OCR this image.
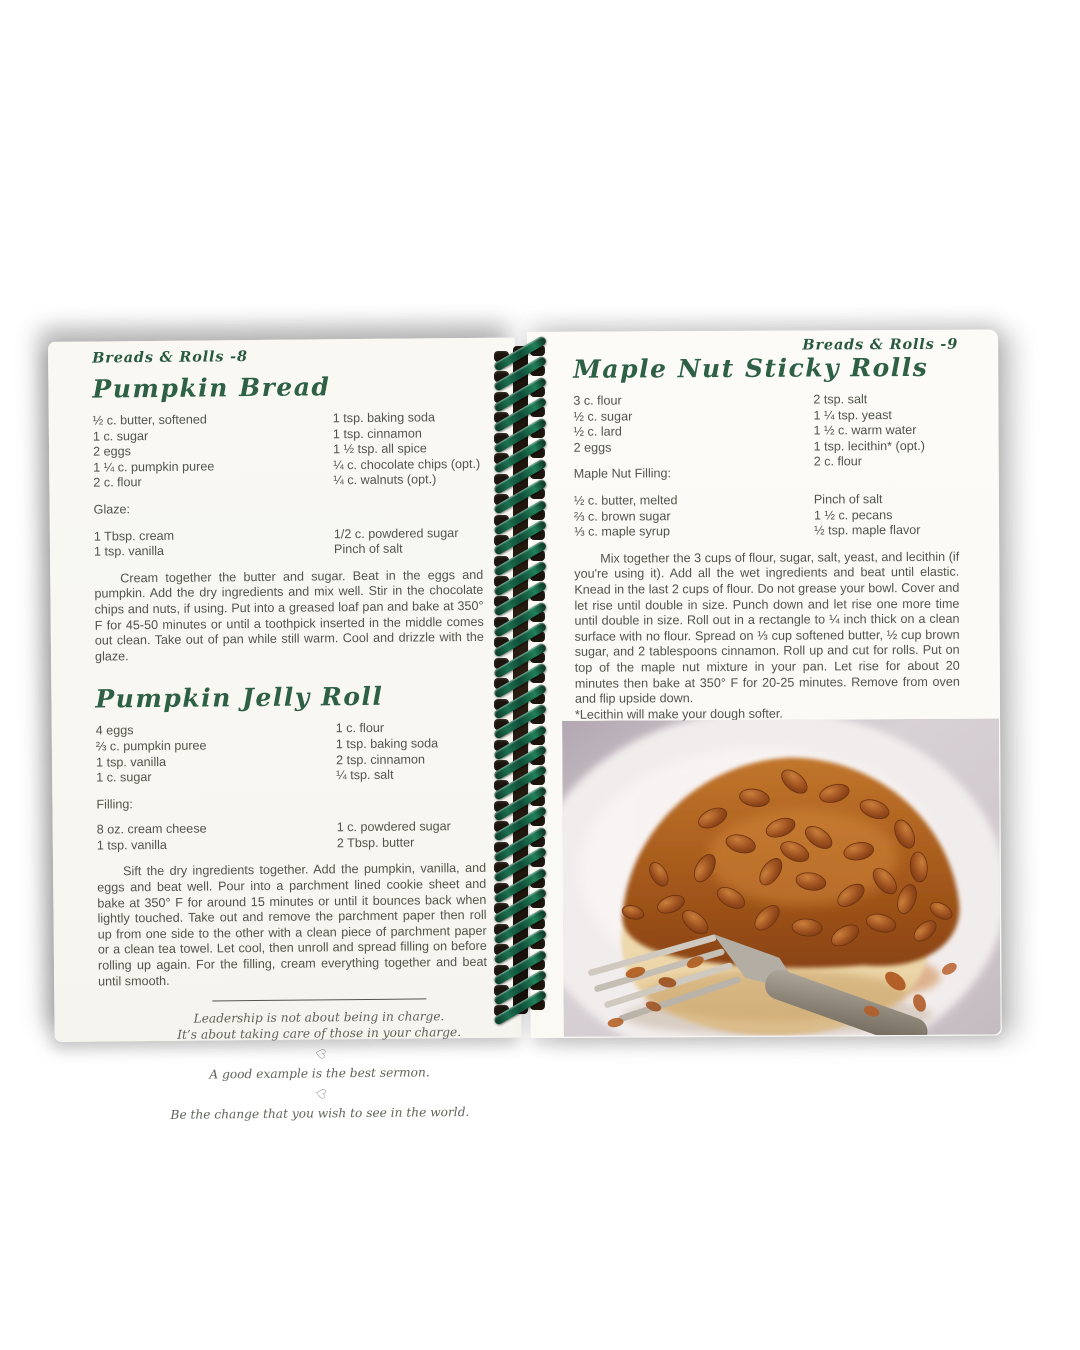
Breads & Rolls -8
Pumpkin Bread
½ c. butter, softened
1 c. sugar
2 eggs
1 ¼ c. pumpkin puree
2 c. flour
1 tsp. baking soda
1 tsp. cinnamon
1 ½ tsp. all spice
¼ c. chocolate chips (opt.)
¼ c. walnuts (opt.)
Glaze:
1 Tbsp. cream
1 tsp. vanilla
1/2 c. powdered sugar
Pinch of salt

Cream together the butter and sugar. Beat in the eggs and pumpkin. Add the dry ingredients and mix well. Stir in the chocolate chips and nuts, if using. Put into a greased loaf pan and bake at 350° F for 45-50 minutes or until a toothpick inserted in the middle comes out clean. Take out of pan while still warm. Cool and drizzle with the glaze.

Pumpkin Jelly Roll
4 eggs
⅔ c. pumpkin puree
1 tsp. vanilla
1 c. sugar
1 c. flour
1 tsp. baking soda
2 tsp. cinnamon
¼ tsp. salt
Filling:
8 oz. cream cheese
1 tsp. vanilla
1 c. powdered sugar
2 Tbsp. butter

Sift the dry ingredients together. Add the pumpkin, vanilla, and eggs and beat well. Pour into a parchment lined cookie sheet and bake at 350° F for around 15 minutes or until it bounces back when lightly touched. Take out and remove the parchment paper then roll up from one side to the other with a clean piece of parchment paper or a clean tea towel. Let cool, then unroll and spread filling on before rolling up again. For the filling, cream everything together and beat until smooth.

Leadership is not about being in charge.
It’s about taking care of those in your charge.
♡
A good example is the best sermon.
♡
Be the change that you wish to see in the world.
Breads & Rolls -9
Maple Nut Sticky Rolls
3 c. flour
½ c. sugar
½ c. lard
2 eggs
Maple Nut Filling:
2 tsp. salt
1 ¼ tsp. yeast
1 ½ c. warm water
1 tsp. lecithin* (opt.)
2 c. flour
½ c. butter, melted
⅔ c. brown sugar
⅓ c. maple syrup
Pinch of salt
1 ½ c. pecans
½ tsp. maple flavor

Mix together the 3 cups of flour, sugar, salt, yeast, and lecithin (if you're using it). Add all the wet ingredients and beat until elastic. Knead in the last 2 cups of flour. Do not grease your bowl. Cover and let rise until double in size. Punch down and let rise one more time until double in size. Roll out in a rectangle to ¼ inch thick on a clean surface with no flour. Spread on ⅓ cup softened butter, ½ cup brown sugar, and 2 tablespoons cinnamon. Roll up and cut for rolls. Put on top of the maple nut mixture in your pan. Let rise for about 20 minutes then bake at 350° F for 20-25 minutes. Remove from oven and flip upside down.

*Lecithin will make your dough softer.
